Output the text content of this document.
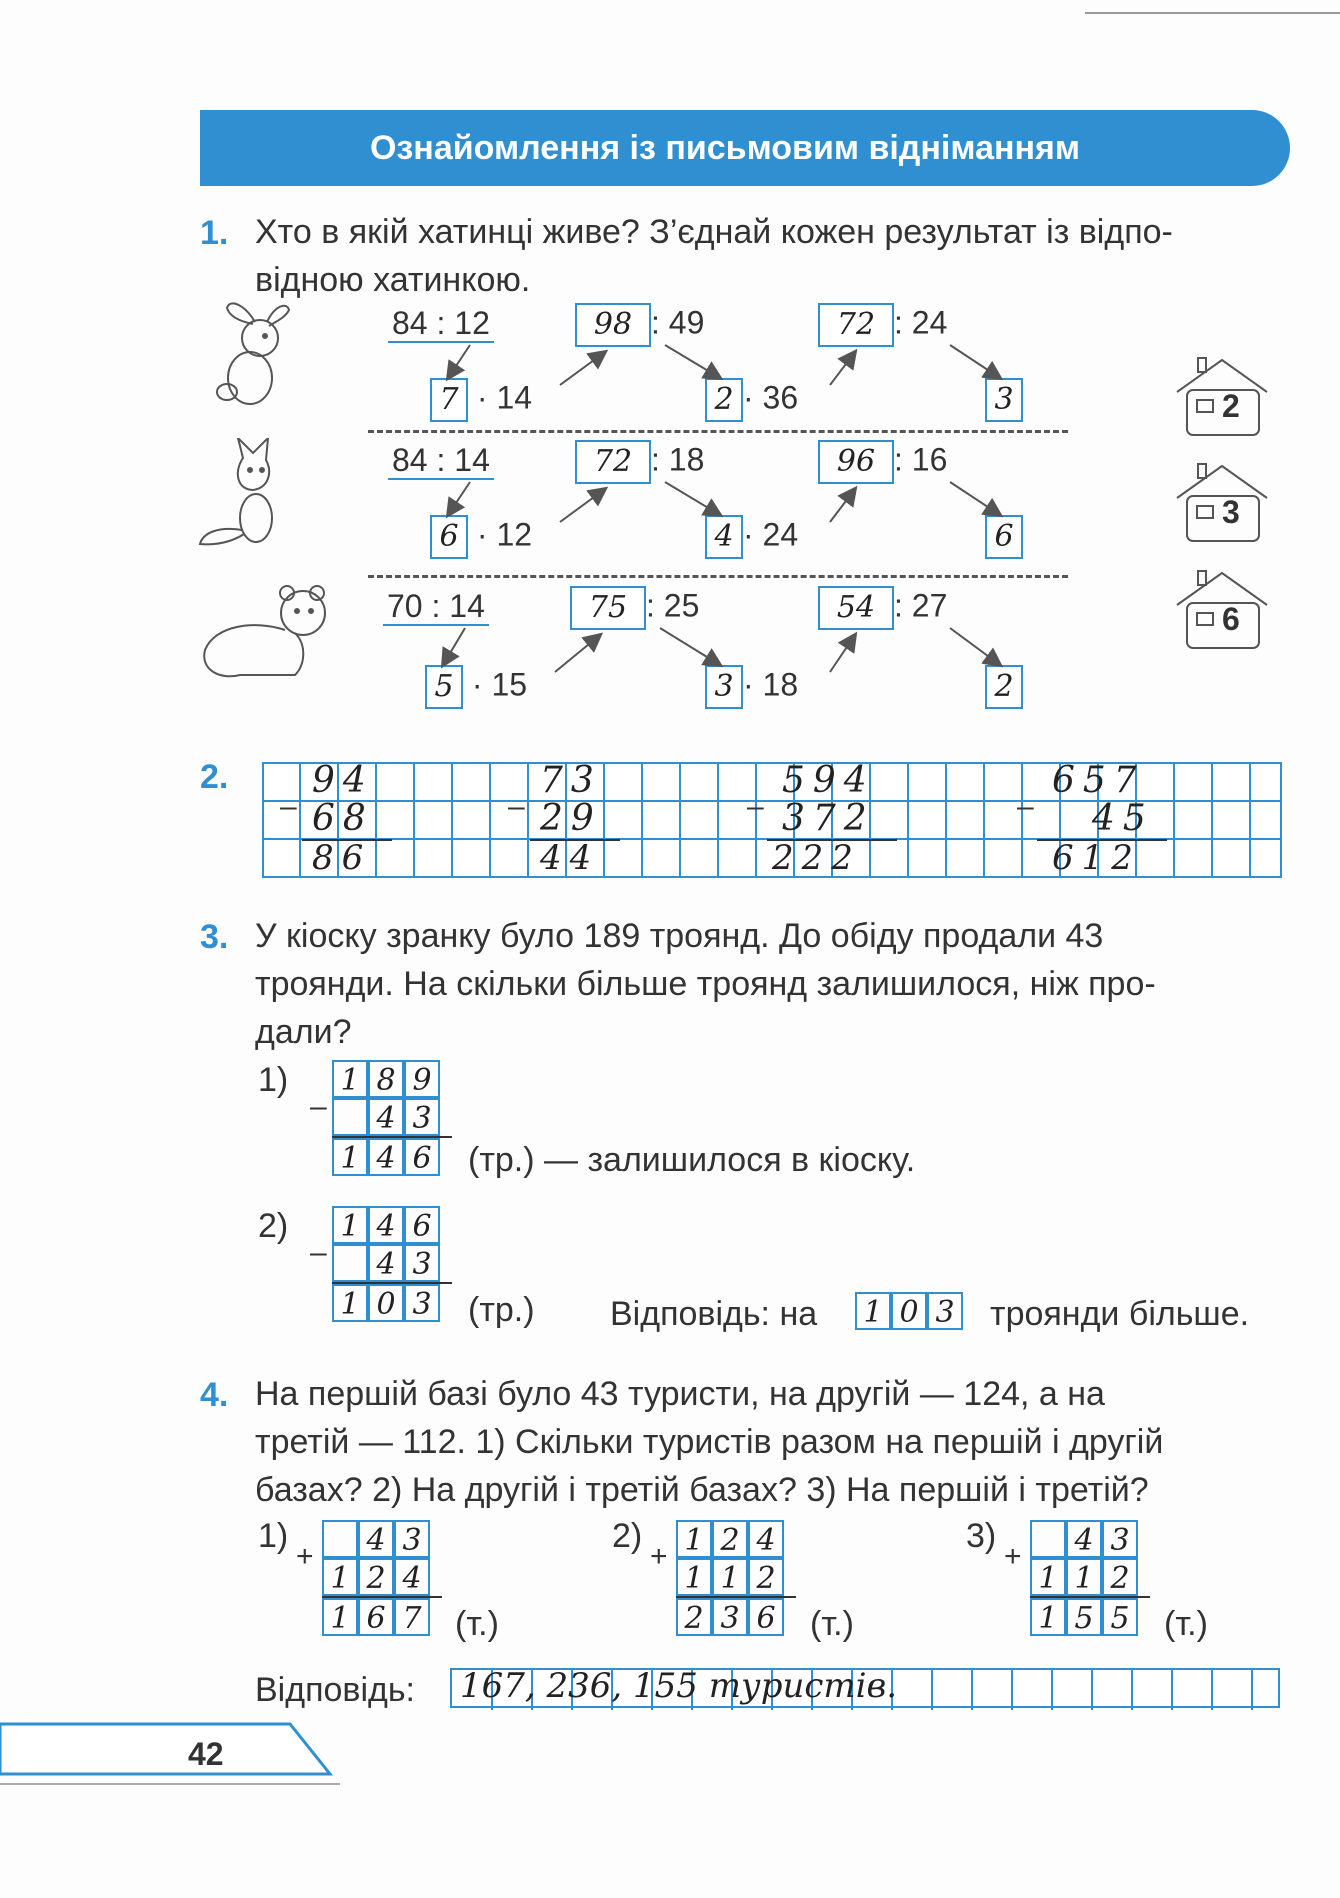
Ознайомлення із письмовим відніманням
1. Хто в якій хатинці живе? З’єднай кожен результат із відпо-
відною хатинкою.
84 : 12	98 : 49	72 : 24
7 · 14	2 · 36	3
84 : 14	72 : 18	96 : 16
6 · 12	4 · 24	6
70 : 14	75 : 25	54 : 27
5 · 15	3 · 18	2
2
3
6
2. 94
68
86
–
73
29
44
–
594
372
222
–
657
45
612
–
3. У кіоску зранку було 189 троянд. До обіду продали 43
троянди. На скільки більше троянд залишилося, ніж про-
дали?
1)
–
1 8 9
4 3
1 4 6 (тр.) — залишилося в кіоску.
2)
–
1 4 6
4 3
1 0 3 (тр.) Відповідь: на 1 0 3 троянди більше.
4. На першій базі було 43 туристи, на другій — 124, а на
третій — 112. 1) Скільки туристів разом на першій і другій
базах? 2) На другій і третій базах? 3) На першій і третій?
1)
+ 4 3
1 2 4
1 6 7 (т.)
2)
+ 1 2 4
1 1 2
2 3 6 (т.)
3)
+ 4 3
1 1 2
1 5 5 (т.)
Відповідь: 167, 236, 155 туристів.
42
